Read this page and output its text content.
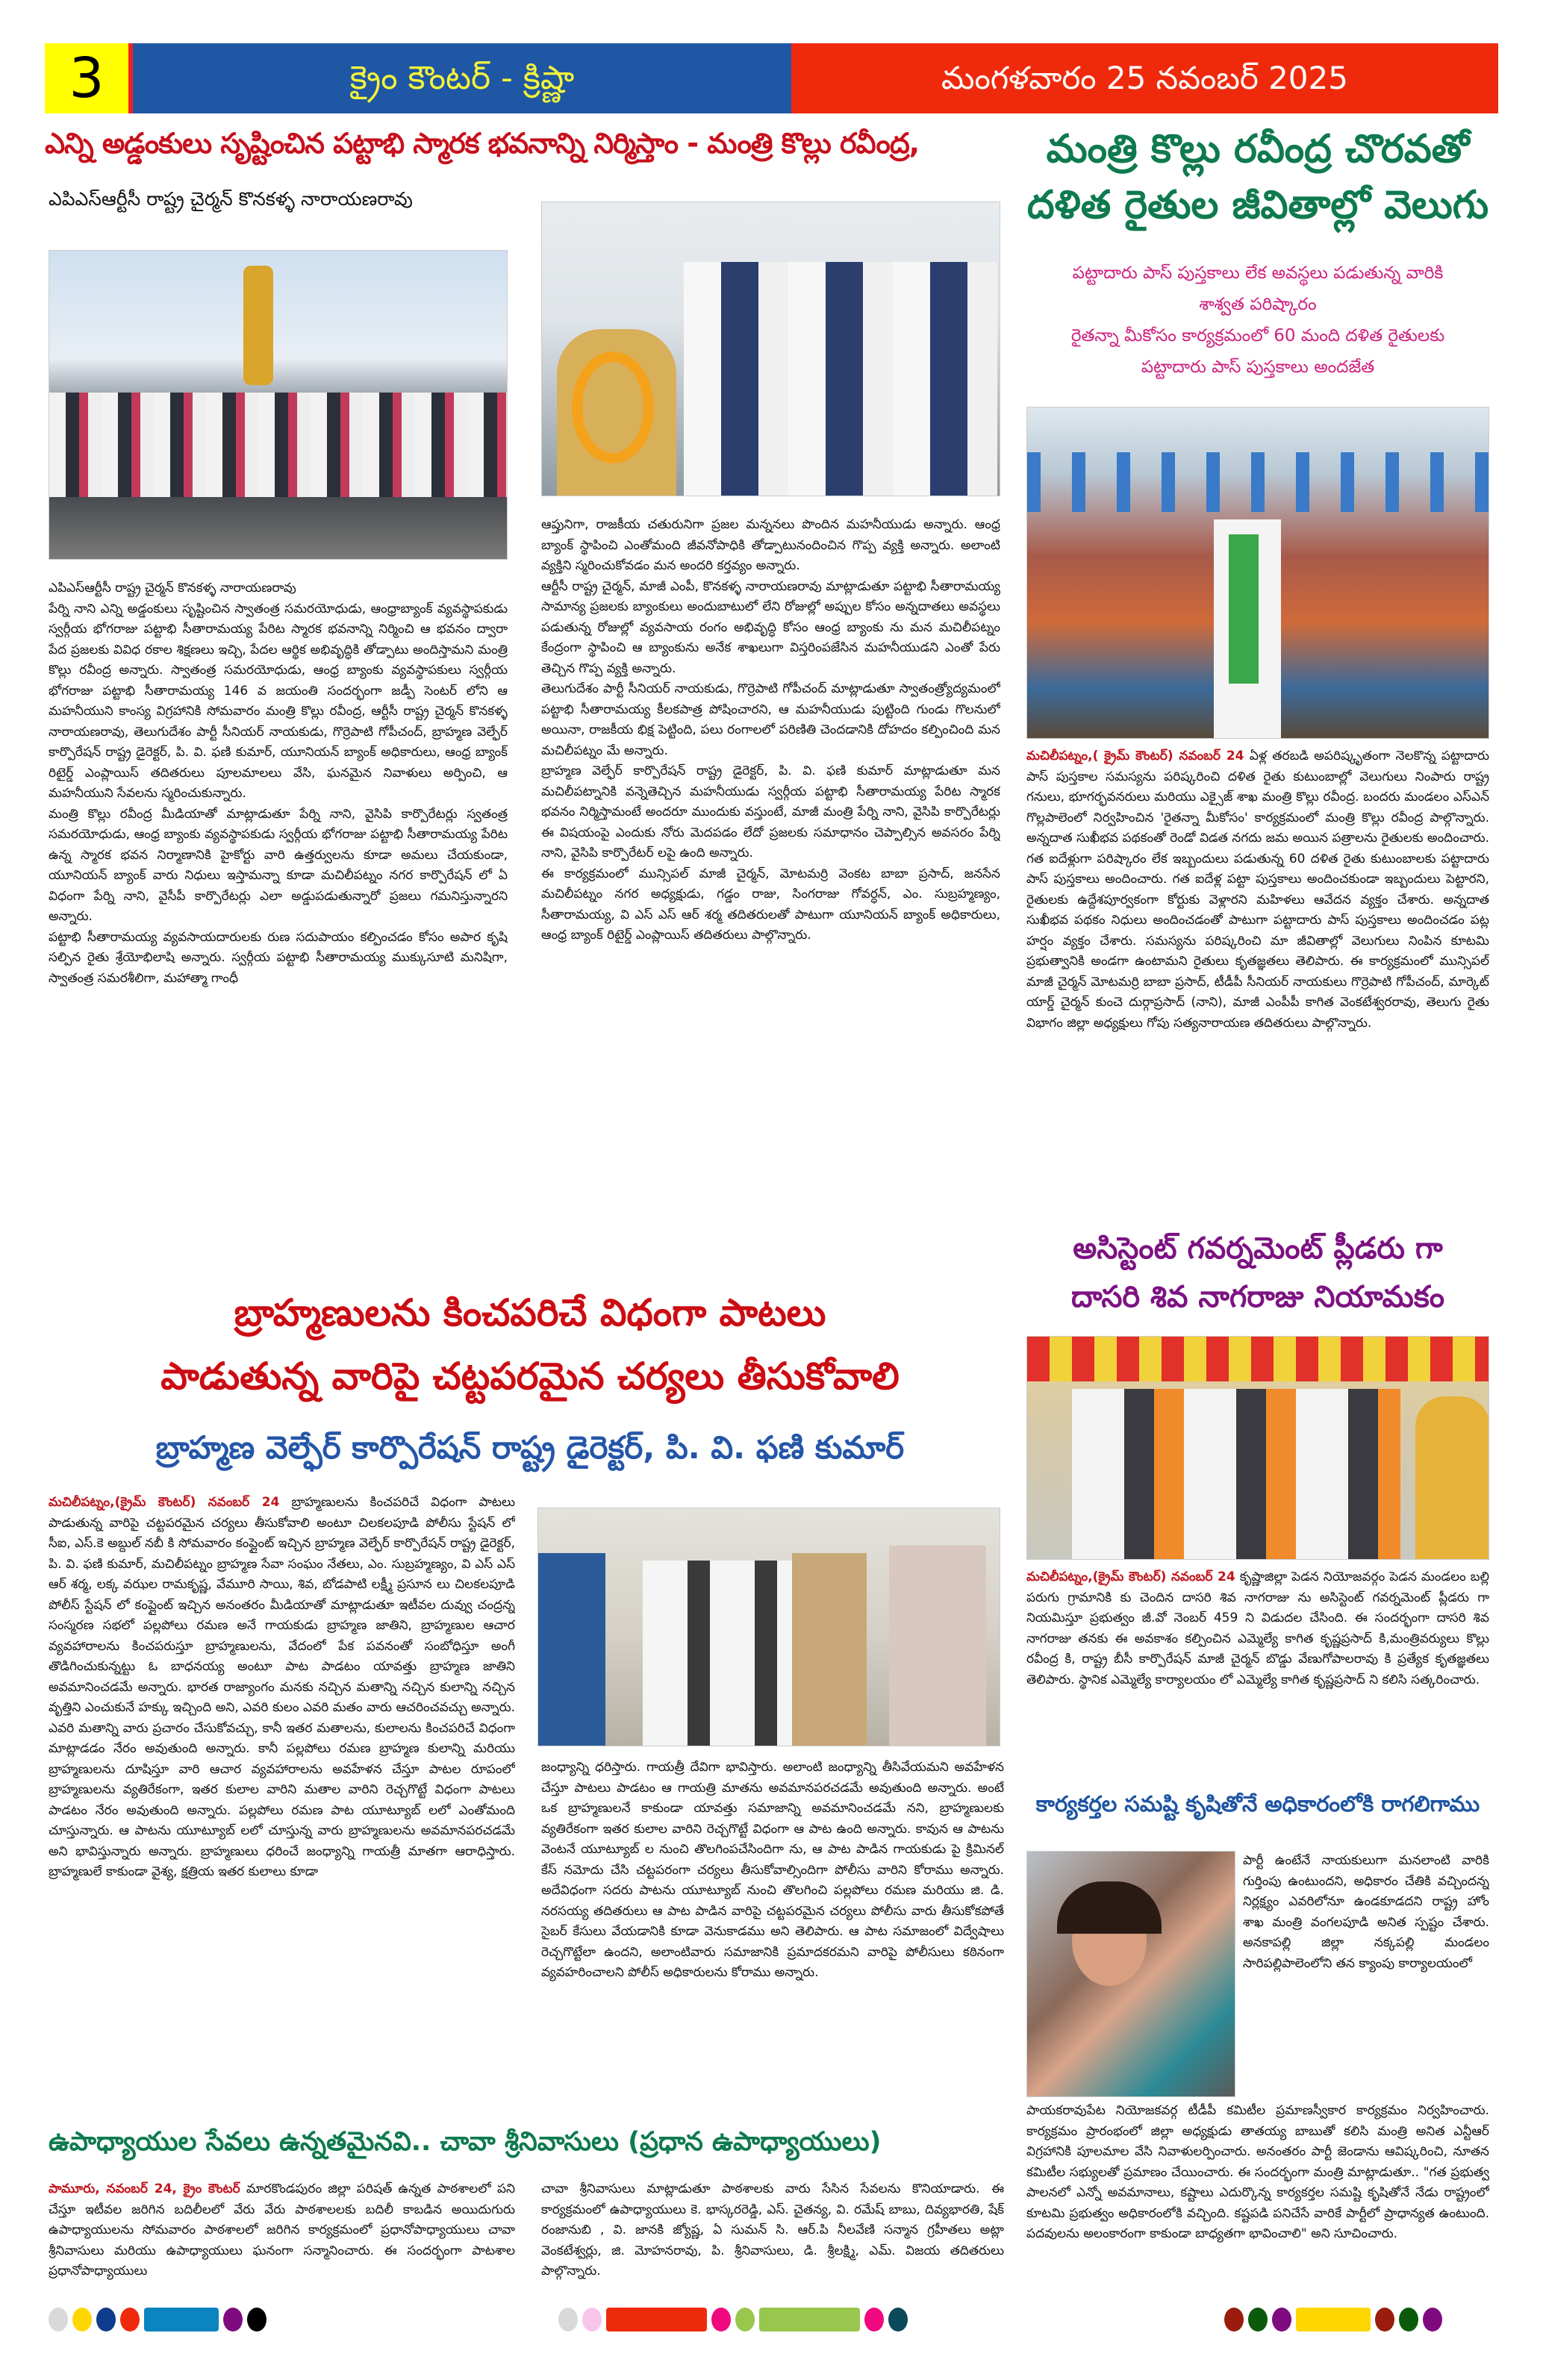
3	క్రైం కౌంటర్ - క్రిష్ణా	మంగళవారం 25 నవంబర్ 2025
ఎన్ని అడ్డంకులు సృష్టించిన పట్టాభి స్మారక భవనాన్ని నిర్మిస్తాం - మంత్రి కొల్లు రవీంద్ర,
ఎపిఎస్ఆర్టీసీ రాష్ట్ర చైర్మన్ కొనకళ్ళ నారాయణరావు

ఎపిఎస్ఆర్టీసీ రాష్ట్ర చైర్మన్ కొనకళ్ళ నారాయణరావు

పేర్ని నాని ఎన్ని అడ్డంకులు సృష్టించిన స్వాతంత్ర సమరయోధుడు, ఆంధ్రాబ్యాంక్ వ్యవస్థాపకుడు స్వర్గీయ భోగరాజు పట్టాభి సీతారామయ్య పేరిట స్మారక భవనాన్ని నిర్మించి ఆ భవనం ద్వారా పేద ప్రజలకు వివిధ రకాల శిక్షణలు ఇచ్చి, పేదల ఆర్థిక అభివృద్ధికి తోడ్పాటు అందిస్తామని మంత్రి కొల్లు రవీంద్ర అన్నారు. స్వాతంత్ర సమరయోధుడు, ఆంధ్ర బ్యాంకు వ్యవస్థాపకులు స్వర్గీయ భోగరాజు పట్టాభి సీతారామయ్య 146 వ జయంతి సందర్భంగా జడ్పీ సెంటర్ లోని ఆ మహనీయుని కాంస్య విగ్రహానికి సోమవారం మంత్రి కొల్లు రవీంద్ర, ఆర్టీసీ రాష్ట్ర చైర్మన్ కొనకళ్ళ నారాయణరావు, తెలుగుదేశం పార్టీ సీనియర్ నాయకుడు, గొర్రెపాటి గోపీచంద్, బ్రాహ్మణ వెల్ఫేర్ కార్పొరేషన్ రాష్ట్ర డైరెక్టర్, పి. వి. ఫణి కుమార్, యూనియన్ బ్యాంక్ అధికారులు, ఆంధ్ర బ్యాంక్ రిటైర్డ్ ఎంప్లాయిస్ తదితరులు పూలమాలలు వేసి, ఘనమైన నివాళులు అర్పించి, ఆ మహనీయుని సేవలను స్మరించుకున్నారు.

మంత్రి కొల్లు రవీంద్ర మీడియాతో మాట్లాడుతూ పేర్ని నాని, వైసిపి కార్పొరేటర్లు స్వతంత్ర సమరయోధుడు, ఆంధ్ర బ్యాంకు వ్యవస్థాపకుడు స్వర్గీయ భోగరాజు పట్టాభి సీతారామయ్య పేరిట ఉన్న స్మారక భవన నిర్మాణానికి హైకోర్టు వారి ఉత్తర్వులను కూడా అమలు చేయకుండా, యూనియన్ బ్యాంక్ వారు నిధులు ఇస్తామన్నా కూడా మచిలీపట్నం నగర కార్పొరేషన్ లో ఏ విధంగా పేర్ని నాని, వైసీపీ కార్పొరేటర్లు ఎలా అడ్డుపడుతున్నారో ప్రజలు గమనిస్తున్నారని అన్నారు.

పట్టాభి సీతారామయ్య వ్యవసాయదారులకు రుణ సదుపాయం కల్పించడం కోసం అపార కృషి సల్పిన రైతు శ్రేయోభిలాషి అన్నారు. స్వర్గీయ పట్టాభి సీతారామయ్య ముక్కుసూటి మనిషిగా, స్వాతంత్ర సమరశీలిగా, మహాత్మా గాంధీ

ఆప్తునిగా, రాజకీయ చతురునిగా ప్రజల మన్ననలు పొందిన మహనీయుడు అన్నారు. ఆంధ్ర బ్యాంక్ స్థాపించి ఎంతోమంది జీవనోపాధికి తోడ్పాటునందించిన గొప్ప వ్యక్తి అన్నారు. అలాంటి వ్యక్తిని స్మరించుకోవడం మన అందరి కర్తవ్యం అన్నారు.

ఆర్టీసీ రాష్ట్ర చైర్మన్, మాజీ ఎంపీ, కొనకళ్ళ నారాయణరావు మాట్లాడుతూ పట్టాభి సీతారామయ్య సామాన్య ప్రజలకు బ్యాంకులు అందుబాటులో లేని రోజుల్లో అప్పుల కోసం అన్నదాతలు అవస్థలు పడుతున్న రోజుల్లో వ్యవసాయ రంగం అభివృద్ధి కోసం ఆంధ్ర బ్యాంకు ను మన మచిలీపట్నం కేంద్రంగా స్థాపించి ఆ బ్యాంకును అనేక శాఖలుగా విస్తరింపజేసిన మహనీయుడని ఎంతో పేరు తెచ్చిన గొప్ప వ్యక్తి అన్నారు.

తెలుగుదేశం పార్టీ సీనియర్ నాయకుడు, గొర్రెపాటి గోపీచంద్ మాట్లాడుతూ స్వాతంత్ర్యోద్యమంలో పట్టాభి సీతారామయ్య కీలకపాత్ర పోషించారని, ఆ మహనీయుడు పుట్టింది గుండు గొలనులో అయినా, రాజకీయ భిక్ష పెట్టింది, పలు రంగాలలో పరిణితి చెందడానికి దోహదం కల్పించింది మన మచిలీపట్నం మే అన్నారు.

బ్రాహ్మణ వెల్ఫేర్ కార్పొరేషన్ రాష్ట్ర డైరెక్టర్, పి. వి. ఫణి కుమార్ మాట్లాడుతూ మన మచిలీపట్నానికి వన్నెతెచ్చిన మహనీయుడు స్వర్గీయ పట్టాభి సీతారామయ్య పేరిట స్మారక భవనం నిర్మిస్తామంటే అందరూ ముందుకు వస్తుంటే, మాజీ మంత్రి పేర్ని నాని, వైసిపి కార్పొరేటర్లు ఈ విషయంపై ఎందుకు నోరు మెదపడం లేదో ప్రజలకు సమాధానం చెప్పాల్సిన అవసరం పేర్ని నాని, వైసిపి కార్పొరేటర్ లపై ఉంది అన్నారు.

ఈ కార్యక్రమంలో మున్సిపల్ మాజీ చైర్మన్, మోటమర్రి వెంకట బాబా ప్రసాద్, జనసేన మచిలీపట్నం నగర అధ్యక్షుడు, గడ్డం రాజు, సింగరాజు గోవర్ధన్, ఎం. సుబ్రహ్మణ్యం, సీతారామయ్య, వి ఎస్ ఎస్ ఆర్ శర్మ తదితరులతో పాటుగా యూనియన్ బ్యాంక్ అధికారులు, ఆంధ్ర బ్యాంక్ రిటైర్డ్ ఎంప్లాయిస్ తదితరులు పాల్గొన్నారు.

మంత్రి కొల్లు రవీంద్ర చొరవతో
దళిత రైతుల జీవితాల్లో వెలుగు
పట్టాదారు పాస్ పుస్తకాలు లేక అవస్థలు పడుతున్న వారికి
శాశ్వత పరిష్కారం
రైతన్నా మీకోసం కార్యక్రమంలో 60 మంది దళిత రైతులకు
పట్టాదారు పాస్ పుస్తకాలు అందజేత

మచిలీపట్నం,( క్రైమ్ కౌంటర్) నవంబర్ 24 ఏళ్ల తరబడి అపరిష్కృతంగా నెలకొన్న పట్టాదారు పాస్ పుస్తకాల సమస్యను పరిష్కరించి దళిత రైతు కుటుంబాల్లో వెలుగులు నింపారు రాష్ట్ర గనులు, భూగర్భవనరులు మరియు ఎక్సైజ్ శాఖ మంత్రి కొల్లు రవీంద్ర. బందరు మండలం ఎస్ఎన్ గొల్లపాలెంలో నిర్వహించిన 'రైతన్నా మీకోసం' కార్యక్రమంలో మంత్రి కొల్లు రవీంద్ర పాల్గొన్నారు. అన్నదాత సుఖీభవ పథకంతో రెండో విడత నగదు జమ అయిన పత్రాలను రైతులకు అందించారు. గత ఐదేళ్లుగా పరిష్కారం లేక ఇబ్బందులు పడుతున్న 60 దళిత రైతు కుటుంబాలకు పట్టాదారు పాస్ పుస్తకాలు అందించారు. గత ఐదేళ్ల పట్టా పుస్తకాలు అందించకుండా ఇబ్బందులు పెట్టారని, రైతులకు ఉద్దేశపూర్వకంగా కోర్టుకు వెళ్లారని మహిళలు ఆవేదన వ్యక్తం చేశారు. అన్నదాత సుఖీభవ పథకం నిధులు అందించడంతో పాటుగా పట్టాదారు పాస్ పుస్తకాలు అందించడం పట్ల హర్షం వ్యక్తం చేశారు. సమస్యను పరిష్కరించి మా జీవితాల్లో వెలుగులు నింపిన కూటమి ప్రభుత్వానికి అండగా ఉంటామని రైతులు కృతజ్ఞతలు తెలిపారు. ఈ కార్యక్రమంలో మున్సిపల్ మాజీ చైర్మన్ మోటమర్రి బాబా ప్రసాద్, టీడీపీ సీనియర్ నాయకులు గొర్రెపాటి గోపీచంద్, మార్కెట్ యార్డ్ చైర్మన్ కుంచె దుర్గాప్రసాద్ (నాని), మాజీ ఎంపీపీ కాగిత వెంకటేశ్వరరావు, తెలుగు రైతు విభాగం జిల్లా అధ్యక్షులు గోపు సత్యనారాయణ తదితరులు పాల్గొన్నారు.

అసిస్టెంట్ గవర్నమెంట్ ప్లీడరు గా
దాసరి శివ నాగరాజు నియామకం

మచిలీపట్నం,(క్రైమ్ కౌంటర్) నవంబర్ 24 కృష్ణాజిల్లా పెడన నియోజవర్గం పెడన మండలం బల్లి పరుగు గ్రామానికి కు చెందిన దాసరి శివ నాగరాజు ను అసిస్టెంట్ గవర్నమెంట్ ప్లీడరు గా నియమిస్తూ ప్రభుత్వం జీ.వో నెంబర్ 459 ని విడుదల చేసింది. ఈ సందర్భంగా దాసరి శివ నాగరాజు తనకు ఈ అవకాశం కల్పించిన ఎమ్మెల్యే కాగిత కృష్ణప్రసాద్ కి,మంత్రివర్యులు కొల్లు రవీంద్ర కి, రాష్ట్ర బీసీ కార్పొరేషన్ మాజీ చైర్మన్ బొడ్డు వేణుగోపాలరావు కి ప్రత్యేక కృతజ్ఞతలు తెలిపారు. స్థానిక ఎమ్మెల్యే కార్యాలయం లో ఎమ్మెల్యే కాగిత కృష్ణప్రసాద్ ని కలిసి సత్కరించారు.

కార్యకర్తల సమష్టి కృషితోనే అధికారంలోకి రాగలిగాము
పార్టీ ఉంటేనే నాయకులుగా మనలాంటి వారికి గుర్తింపు ఉంటుందని, అధికారం చేతికి వచ్చిందన్న నిర్లక్ష్యం ఎవరిలోనూ ఉండకూడదని రాష్ట్ర హోం శాఖ మంత్రి వంగలపూడి అనిత స్పష్టం చేశారు. అనకాపల్లి జిల్లా నక్కపల్లి మండలం సారిపల్లిపాలెంలోని తన క్యాంపు కార్యాలయంలో
పాయకరావుపేట నియోజకవర్గ టీడీపీ కమిటీల ప్రమాణస్వీకార కార్యక్రమం నిర్వహించారు. కార్యక్రమం ప్రారంభంలో జిల్లా అధ్యక్షుడు తాతయ్య బాబుతో కలిసి మంత్రి అనిత ఎన్టీఆర్ విగ్రహానికి పూలమాల వేసి నివాళులర్పించారు. అనంతరం పార్టీ జెండాను ఆవిష్కరించి, నూతన కమిటీల సభ్యులతో ప్రమాణం చేయించారు. ఈ సందర్భంగా మంత్రి మాట్లాడుతూ.. "గత ప్రభుత్వ పాలనలో ఎన్నో అవమానాలు, కష్టాలు ఎదుర్కొన్న కార్యకర్తల సమష్టి కృషితోనే నేడు రాష్ట్రంలో కూటమి ప్రభుత్వం అధికారంలోకి వచ్చింది. కష్టపడి పనిచేసే వారికే పార్టీలో ప్రాధాన్యత ఉంటుంది. పదవులను అలంకారంగా కాకుండా బాధ్యతగా భావించాలి" అని సూచించారు.
బ్రాహ్మణులను కించపరిచే విధంగా పాటలు
పాడుతున్న వారిపై చట్టపరమైన చర్యలు తీసుకోవాలి
బ్రాహ్మణ వెల్ఫేర్ కార్పొరేషన్ రాష్ట్ర డైరెక్టర్, పి. వి. ఫణి కుమార్

మచిలీపట్నం,(క్రైమ్ కౌంటర్) నవంబర్ 24 బ్రాహ్మణులను కించపరిచే విధంగా పాటలు పాడుతున్న వారిపై చట్టపరమైన చర్యలు తీసుకోవాలి అంటూ చిలకలపూడి పోలీసు స్టేషన్ లో సీఐ, ఎస్.కె అబ్దుల్ నబీ కి సోమవారం కంప్లైంట్ ఇచ్చిన బ్రాహ్మణ వెల్ఫేర్ కార్పొరేషన్ రాష్ట్ర డైరెక్టర్, పి. వి. ఫణి కుమార్, మచిలీపట్నం బ్రాహ్మణ సేవా సంఘం నేతలు, ఎం. సుబ్రహ్మణ్యం, వి ఎస్ ఎస్ ఆర్ శర్మ, లక్క వఝల రామకృష్ణ, వేమూరి సాయి, శివ, బోడపాటి లక్ష్మీ ప్రసూన లు చిలకలపూడి పోలీస్ స్టేషన్ లో కంప్లైంట్ ఇచ్చిన అనంతరం మీడియాతో మాట్లాడుతూ ఇటీవల దువ్వు చంద్రన్న సంస్మరణ సభలో పల్లపోలు రమణ అనే గాయకుడు బ్రాహ్మణ జాతిని, బ్రాహ్మణుల ఆచార వ్యవహారాలను కించపరుస్తూ బ్రాహ్మణులను, వేదంలో పేక పవనంతో సంబోధిస్తూ అంగీ తొడిగించుకున్నట్టు ఓ బాధనయ్య అంటూ పాట పాడటం యావత్తు బ్రాహ్మణ జాతిని అవమానించడమే అన్నారు. భారత రాజ్యాంగం మనకు నచ్చిన మతాన్ని నచ్చిన కులాన్ని నచ్చిన వృత్తిని ఎంచుకునే హక్కు ఇచ్చింది అని, ఎవరి కులం ఎవరి మతం వారు ఆచరించవచ్చు అన్నారు. ఎవరి మతాన్ని వారు ప్రచారం చేసుకోవచ్చు, కానీ ఇతర మతాలను, కులాలను కించపరిచే విధంగా మాట్లాడడం నేరం అవుతుంది అన్నారు. కానీ పల్లపోలు రమణ బ్రాహ్మణ కులాన్ని మరియు బ్రాహ్మణులను దూషిస్తూ వారి ఆచార వ్యవహారాలను అవహేళన చేస్తూ పాటల రూపంలో బ్రాహ్మణులను వ్యతిరేకంగా, ఇతర కులాల వారిని మతాల వారిని రెచ్చగొట్టే విధంగా పాటలు పాడటం నేరం అవుతుంది అన్నారు. పల్లపోలు రమణ పాట యూట్యూబ్ లలో ఎంతోమంది చూస్తున్నారు. ఆ పాటను యూట్యూబ్ లలో చూస్తున్న వారు బ్రాహ్మణులను అవమానపరచడమే అని భావిస్తున్నారు అన్నారు. బ్రాహ్మణులు ధరించే జంధ్యాన్ని గాయత్రీ మాతగా ఆరాధిస్తారు. బ్రాహ్మణులే కాకుండా వైశ్య, క్షత్రియ ఇతర కులాలు కూడా

జంధ్యాన్ని ధరిస్తారు. గాయత్రీ దేవిగా భావిస్తారు. అలాంటి జంధ్యాన్ని తీసివేయమని అవహేళన చేస్తూ పాటలు పాడటం ఆ గాయత్రి మాతను అవమానపరచడమే అవుతుంది అన్నారు. అంటే ఒక బ్రాహ్మణులనే కాకుండా యావత్తు సమాజాన్ని అవమానించడమే నని, బ్రాహ్మణులకు వ్యతిరేకంగా ఇతర కులాల వారిని రెచ్చగొట్టే విధంగా ఆ పాట ఉంది అన్నారు. కావున ఆ పాటను వెంటనే యూట్యూబ్ ల నుంచి తొలగింపచేసిందిగా ను, ఆ పాట పాడిన గాయకుడు పై క్రిమినల్ కేస్ నమోదు చేసి చట్టపరంగా చర్యలు తీసుకోవాల్సిందిగా పోలీసు వారిని కోరాము అన్నారు. అదేవిధంగా సదరు పాటను యూట్యూబ్ నుంచి తొలగించి పల్లపోలు రమణ మరియు జి. డి. నరసయ్య తదితరులు ఆ పాట పాడిన వారిపై చట్టపరమైన చర్యలు పోలీసు వారు తీసుకోకపోతే సైబర్ కేసులు వేయడానికి కూడా వెనుకాడము అని తెలిపారు. ఆ పాట సమాజంలో విద్వేషాలు రెచ్చగొట్టేలా ఉందని, అలాంటివారు సమాజానికి ప్రమాదకరమని వారిపై పోలీసులు కఠినంగా వ్యవహరించాలని పోలీస్ అధికారులను కోరాము అన్నారు.
ఉపాధ్యాయుల సేవలు ఉన్నతమైనవి.. చావా శ్రీనివాసులు (ప్రధాన ఉపాధ్యాయులు)

పామూరు, నవంబర్ 24, క్రైం కౌంటర్ మారకొండపురం జిల్లా పరిషత్ ఉన్నత పాఠశాలలో పని చేస్తూ ఇటీవల జరిగిన బదిలీలలో వేరు వేరు పాఠశాలలకు బదిలీ కాబడిన అయిదుగురు ఉపాధ్యాయులను సోమవారం పాఠశాలలో జరిగిన కార్యక్రమంలో ప్రధానోపాధ్యాయులు చావా శ్రీనివాసులు మరియు ఉపాధ్యాయులు ఘనంగా సన్మానించారు. ఈ సందర్భంగా పాటశాల ప్రధానోపాధ్యాయులు

చావా శ్రీనివాసులు మాట్లాడుతూ పాఠశాలకు వారు సేసిన సేవలను కొనియాడారు. ఈ కార్యక్రమంలో ఉపాధ్యాయులు కె. భాస్కరరెడ్డి, ఎస్. చైతన్య, వి. రమేష్ బాబు, దివ్యభారతి, షేక్ రంజానుబి , వి. జానకి జ్యోష్ణ, ఏ సుమన్ సి. ఆర్.పి నీలవేణి సన్మాన గ్రహీతలు అట్లా వెంకటేశ్వర్లు, జి. మోహనరావు, పి. శ్రీనివాసులు, డి. శ్రీలక్ష్మి, ఎమ్. విజయ తదితరులు పాల్గొన్నారు.
